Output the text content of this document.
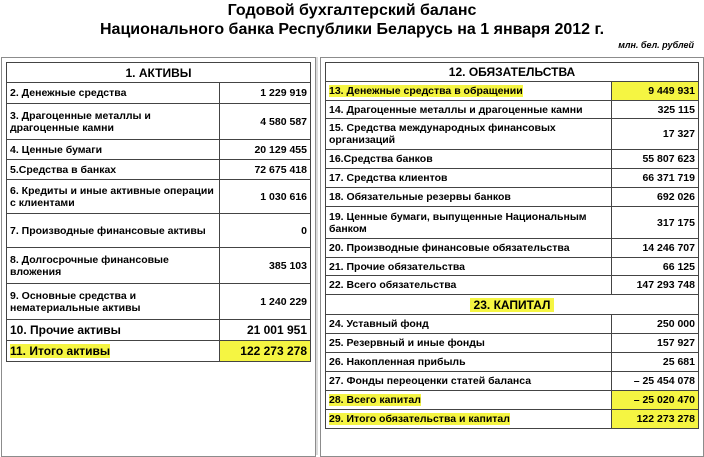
Годовой бухгалтерский баланс
Национального банка Республики Беларусь на 1 января 2012 г.
млн. бел. рублей
1. АКТИВЫ	
2. Денежные средства	1 229 919
3. Драгоценные металлы и драгоценные камни	4 580 587
4. Ценные бумаги	20 129 455
5.Средства в банках	72 675 418
6. Кредиты и иные активные операции с клиентами	1 030 616
7. Производные финансовые активы	0
8. Долгосрочные финансовые вложения	385 103
9. Основные средства и нематериальные активы	1 240 229
10. Прочие активы	21 001 951
11. Итого активы	122 273 278
12. ОБЯЗАТЕЛЬСТВА	
13. Денежные средства в обращении	9 449 931
14. Драгоценные металлы и драгоценные камни	325 115
15. Средства международных финансовых организаций	17 327
16.Средства банков	55 807 623
17. Средства клиентов	66 371 719
18. Обязательные резервы банков	692 026
19. Ценные бумаги, выпущенные Национальным банком	317 175
20. Производные финансовые обязательства	14 246 707
21. Прочие обязательства	66 125
22. Всего обязательства	147 293 748
23. КАПИТАЛ	
24. Уставный фонд	250 000
25. Резервный и иные фонды	157 927
26. Накопленная прибыль	25 681
27. Фонды переоценки статей баланса	– 25 454 078
28. Всего капитал	– 25 020 470
29. Итого обязательства и капитал	122 273 278
